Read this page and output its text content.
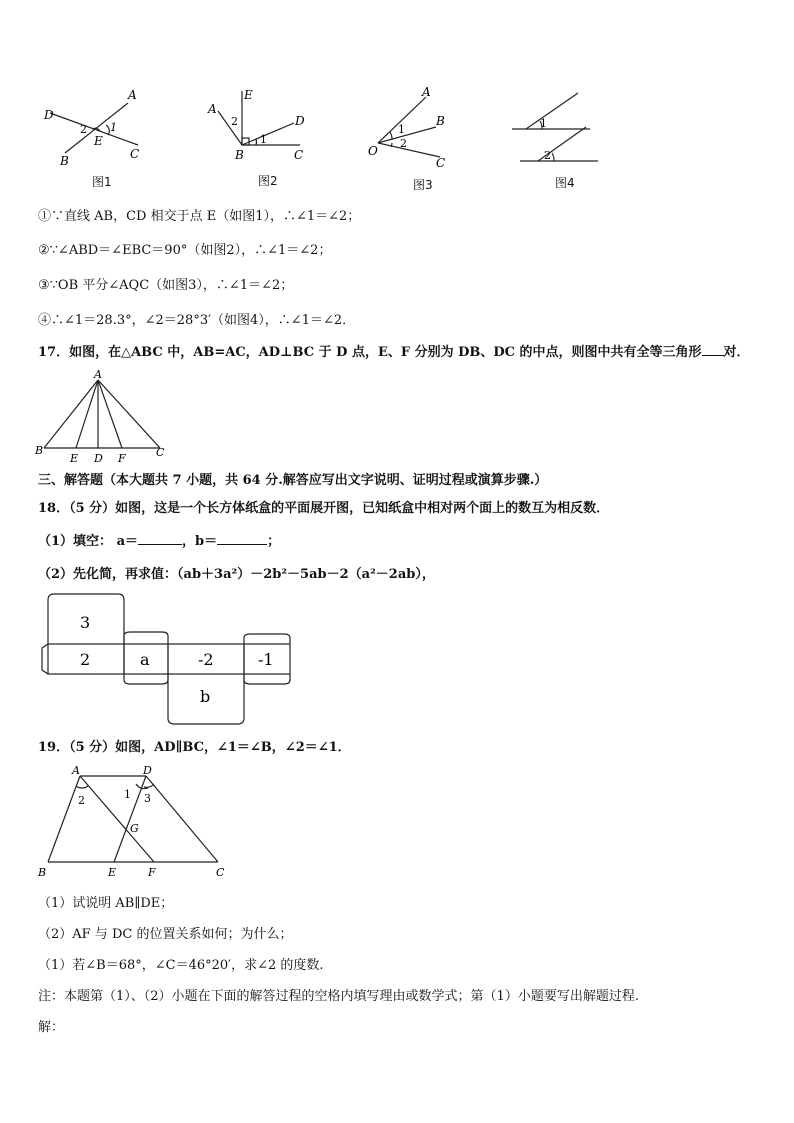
D
A
B	C
E
1
2
A
E
D
B	C
2
1
A
B
C
O
1
2
1
2
图1	图2	图3	图4
①∵直线 AB，CD 相交于点 E（如图1），∴∠1＝∠2；
②∵∠ABD＝∠EBC＝90°（如图2），∴∠1＝∠2；
③∵OB 平分∠AQC（如图3），∴∠1＝∠2；
④∴∠1＝28.3°，∠2＝28°3′（如图4），∴∠1＝∠2．
17．如图，在△ABC 中，AB=AC，AD⊥BC 于 D 点，E、F 分别为 DB、DC 的中点，则图中共有全等三角形 对．
A
B	C
E D F
三、解答题（本大题共 7 小题，共 64 分.解答应写出文字说明、证明过程或演算步骤.）
18．（5 分）如图，这是一个长方体纸盒的平面展开图，已知纸盒中相对两个面上的数互为相反数．
（1）填空： a＝	，b＝	；
（2）先化简，再求值：（ab＋3a²）－2b²－5ab－2（a²－2ab），
3
2	a	-2	-1
b
19．（5 分）如图，AD∥BC，∠1＝∠B，∠2＝∠1．
A	D
B	E	F	C
G
2	1 3
（1）试说明 AB∥DE；
（2）AF 与 DC 的位置关系如何；为什么；
（1）若∠B＝68°，∠C＝46°20′，求∠2 的度数.
注：本题第（1）、（2）小题在下面的解答过程的空格内填写理由或数学式；第（1）小题要写出解题过程.
解：
